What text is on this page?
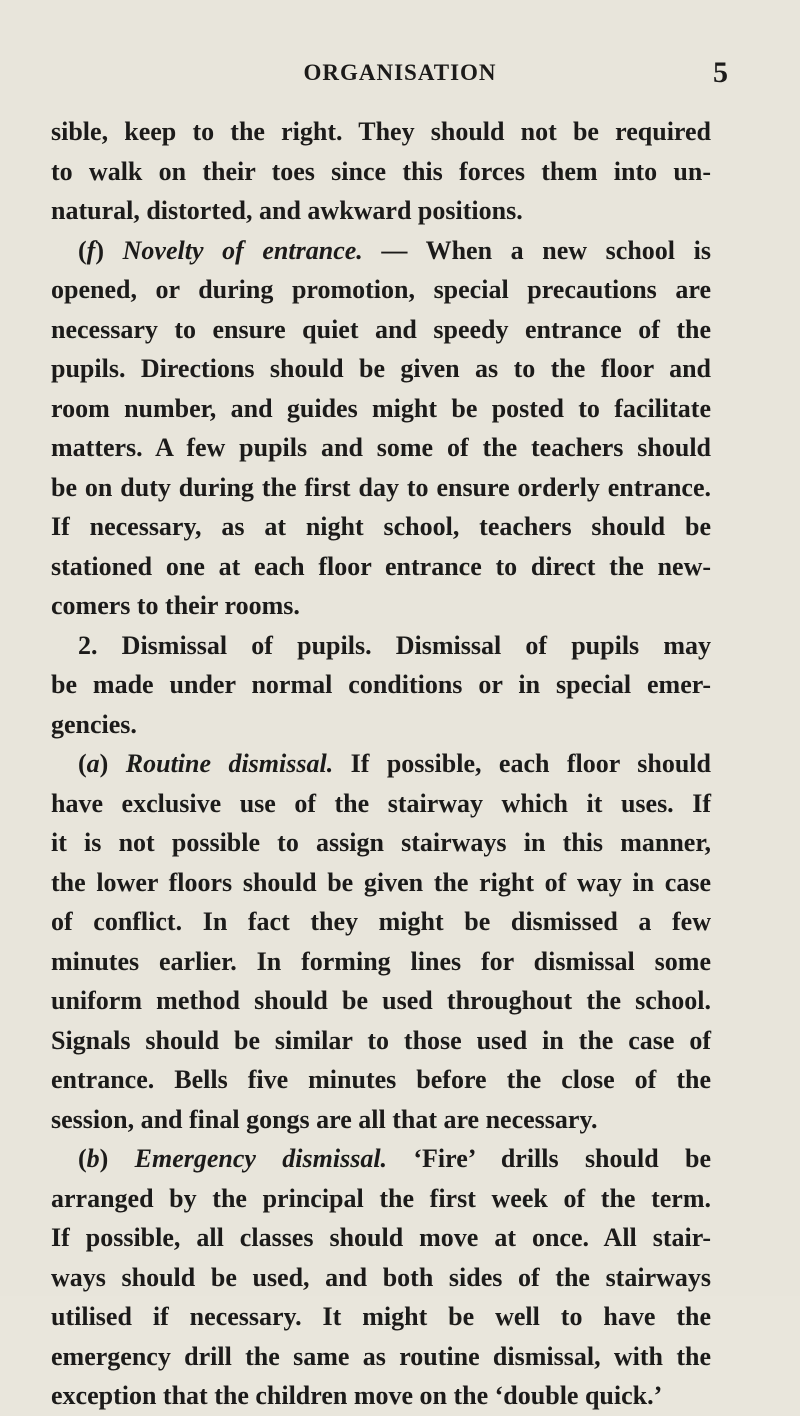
ORGANISATION	5
sible, keep to the right. They should not be required
to walk on their toes since this forces them into un-
natural, distorted, and awkward positions.
(f) Novelty of entrance. — When a new school is
opened, or during promotion, special precautions are
necessary to ensure quiet and speedy entrance of the
pupils. Directions should be given as to the floor and
room number, and guides might be posted to facilitate
matters. A few pupils and some of the teachers should
be on duty during the first day to ensure orderly entrance.
If necessary, as at night school, teachers should be
stationed one at each floor entrance to direct the new-
comers to their rooms.
2. Dismissal of pupils. Dismissal of pupils may
be made under normal conditions or in special emer-
gencies.
(a) Routine dismissal. If possible, each floor should
have exclusive use of the stairway which it uses. If
it is not possible to assign stairways in this manner,
the lower floors should be given the right of way in case
of conflict. In fact they might be dismissed a few
minutes earlier. In forming lines for dismissal some
uniform method should be used throughout the school.
Signals should be similar to those used in the case of
entrance. Bells five minutes before the close of the
session, and final gongs are all that are necessary.
(b) Emergency dismissal. ‘Fire’ drills should be
arranged by the principal the first week of the term.
If possible, all classes should move at once. All stair-
ways should be used, and both sides of the stairways
utilised if necessary. It might be well to have the
emergency drill the same as routine dismissal, with the
exception that the children move on the ‘double quick.’
